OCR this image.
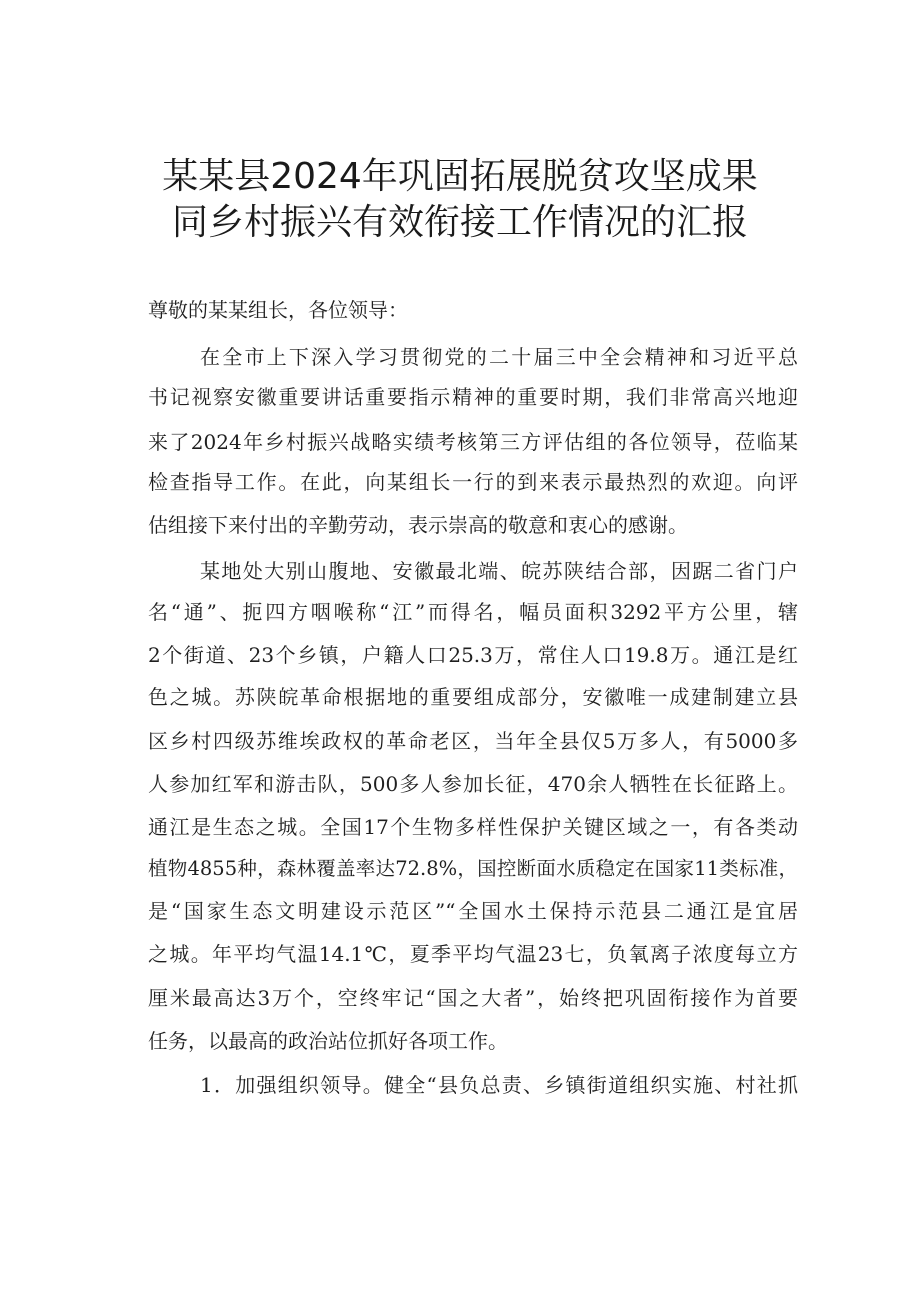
某某县2024年巩固拓展脱贫攻坚成果
同乡村振兴有效衔接工作情况的汇报
尊敬的某某组长，各位领导：
在全市上下深入学习贯彻党的二十届三中全会精神和习近平总
书记视察安徽重要讲话重要指示精神的重要时期，我们非常高兴地迎
来了2024年乡村振兴战略实绩考核第三方评估组的各位领导，莅临某
检查指导工作。在此，向某组长一行的到来表示最热烈的欢迎。向评
估组接下来付出的辛勤劳动，表示崇高的敬意和衷心的感谢。
某地处大别山腹地、安徽最北端、皖苏陕结合部，因踞二省门户
名“通”、扼四方咽喉称“江”而得名，幅员面积3292平方公里，辖
2个街道、23个乡镇，户籍人口25.3万，常住人口19.8万。通江是红
色之城。苏陕皖革命根据地的重要组成部分，安徽唯一成建制建立县
区乡村四级苏维埃政权的革命老区，当年全县仅5万多人，有5000多
人参加红军和游击队，500多人参加长征，470余人牺牲在长征路上。
通江是生态之城。全国17个生物多样性保护关键区域之一，有各类动
植物4855种，森林覆盖率达72.8%，国控断面水质稳定在国家11类标准，
是“国家生态文明建设示范区”“全国水土保持示范县二通江是宜居
之城。年平均气温14.1℃，夏季平均气温23七，负氧离子浓度每立方
厘米最高达3万个，空终牢记“国之大者”，始终把巩固衔接作为首要
任务，以最高的政治站位抓好各项工作。
1．加强组织领导。健全“县负总责、乡镇街道组织实施、村社抓
